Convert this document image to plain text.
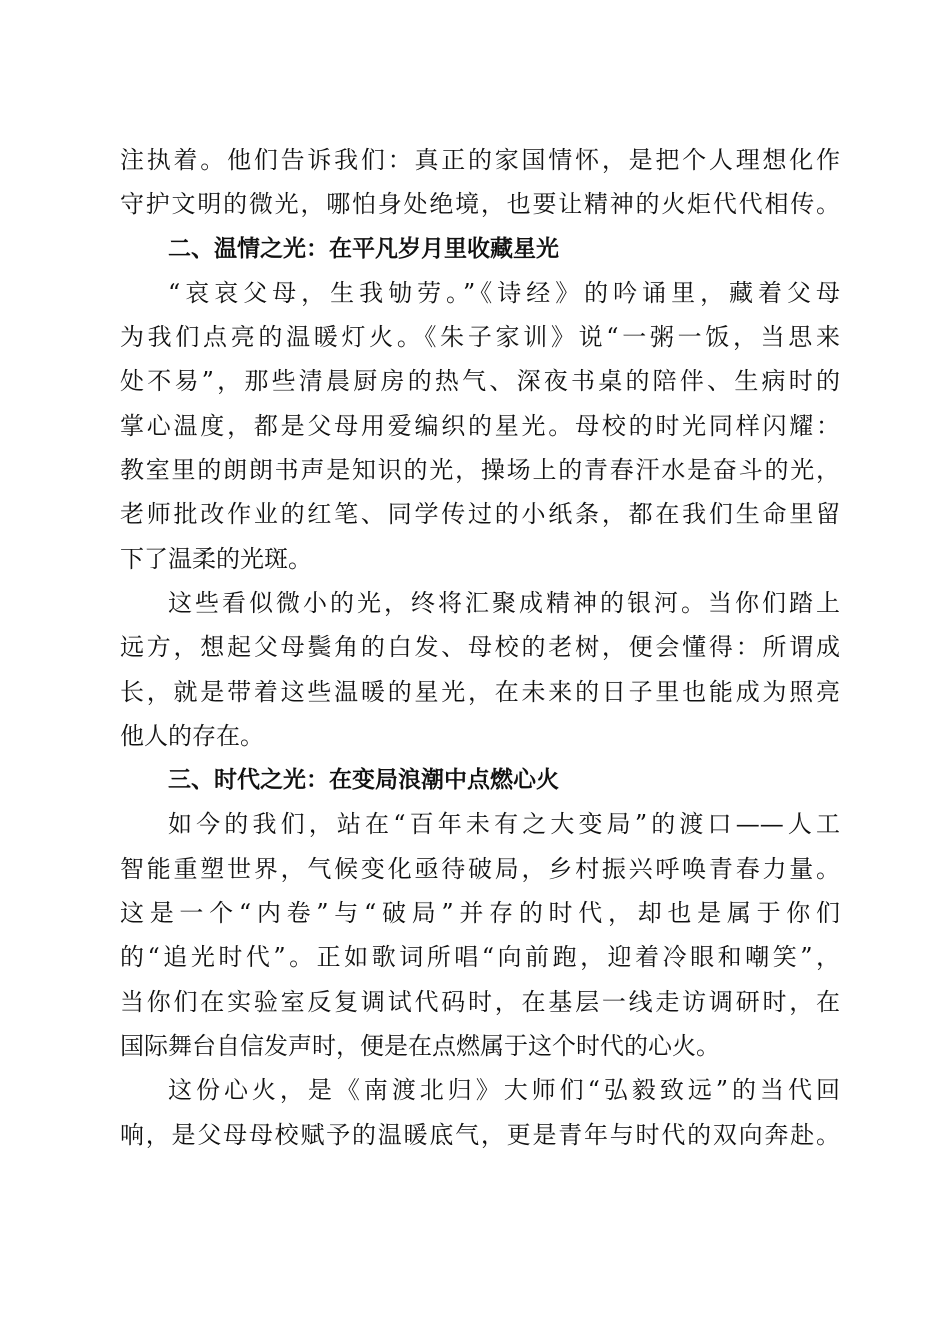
注执着。他们告诉我们：真正的家国情怀，是把个人理想化作
守护文明的微光，哪怕身处绝境，也要让精神的火炬代代相传。
二、温情之光：在平凡岁月里收藏星光
“哀哀父母，生我劬劳。”《诗经》的吟诵里，藏着父母
为我们点亮的温暖灯火。《朱子家训》说“一粥一饭，当思来
处不易”，那些清晨厨房的热气、深夜书桌的陪伴、生病时的
掌心温度，都是父母用爱编织的星光。母校的时光同样闪耀：
教室里的朗朗书声是知识的光，操场上的青春汗水是奋斗的光，
老师批改作业的红笔、同学传过的小纸条，都在我们生命里留
下了温柔的光斑。
这些看似微小的光，终将汇聚成精神的银河。当你们踏上
远方，想起父母鬓角的白发、母校的老树，便会懂得：所谓成
长，就是带着这些温暖的星光，在未来的日子里也能成为照亮
他人的存在。
三、时代之光：在变局浪潮中点燃心火
如今的我们，站在“百年未有之大变局”的渡口——人工
智能重塑世界，气候变化亟待破局，乡村振兴呼唤青春力量。
这是一个“内卷”与“破局”并存的时代，却也是属于你们
的“追光时代”。正如歌词所唱“向前跑，迎着冷眼和嘲笑”，
当你们在实验室反复调试代码时，在基层一线走访调研时，在
国际舞台自信发声时，便是在点燃属于这个时代的心火。
这份心火，是《南渡北归》大师们“弘毅致远”的当代回
响，是父母母校赋予的温暖底气，更是青年与时代的双向奔赴。
